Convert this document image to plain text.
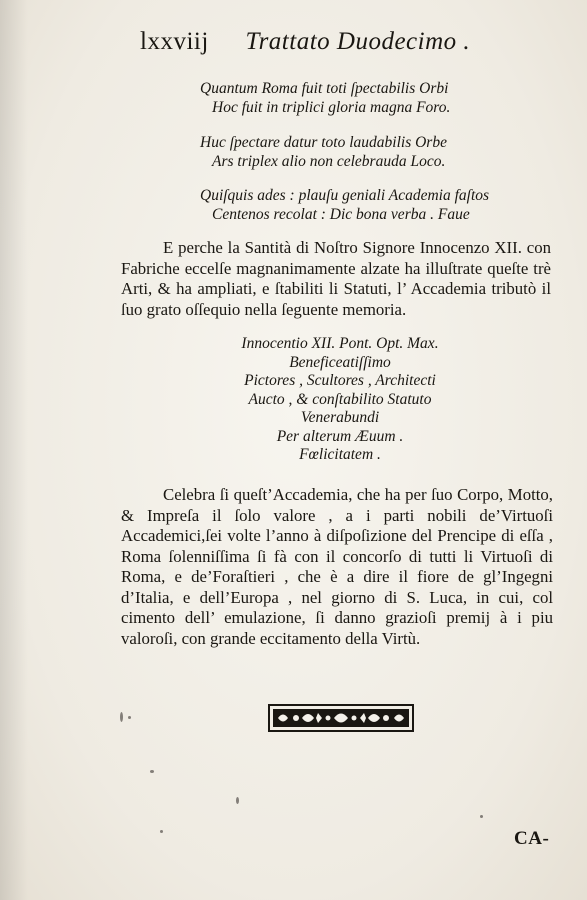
lxxviij Trattato Duodecimo .
Quantum Roma fuit toti ſpectabilis Orbi
Hoc fuit in triplici gloria magna Foro.
Huc ſpectare datur toto laudabilis Orbe
Ars triplex alio non celebrauda Loco.
Quiſquis ades : plauſu geniali Academia faſtos
Centenos recolat : Dic bona verba . Faue
E perche la Santità di Noſtro Signore Innocenzo XII. con Fabriche eccelſe magnanimamente alzate ha illuſtrate queſte trè Arti, & ha ampliati, e ſtabiliti li Statuti, l’ Accademia tributò il ſuo grato oſſequio nella ſeguente memoria.
Innocentio XII. Pont. Opt. Max.
Beneficeatiſſimo
Pictores , Scultores , Architecti
Aucto , & conſtabilito Statuto
Venerabundi
Per alterum Æuum .
Fœlicitatem .
Celebra ſi queſt’Accademia, che ha per ſuo Corpo, Motto, & Impreſa il ſolo valore , a i parti nobili de’Virtuoſi Accademici,ſei volte l’anno à diſpoſizione del Prencipe di eſſa , Roma ſolenniſſima ſi fà con il concorſo di tutti li Virtuoſi di Roma, e de’Foraſtieri , che è a dire il fiore de gl’Ingegni d’Italia, e dell’Europa , nel giorno di S. Luca, in cui, col cimento dell’ emulazione, ſi danno grazioſi premij à i piu valoroſi, con grande eccitamento della Virtù.
CA-
